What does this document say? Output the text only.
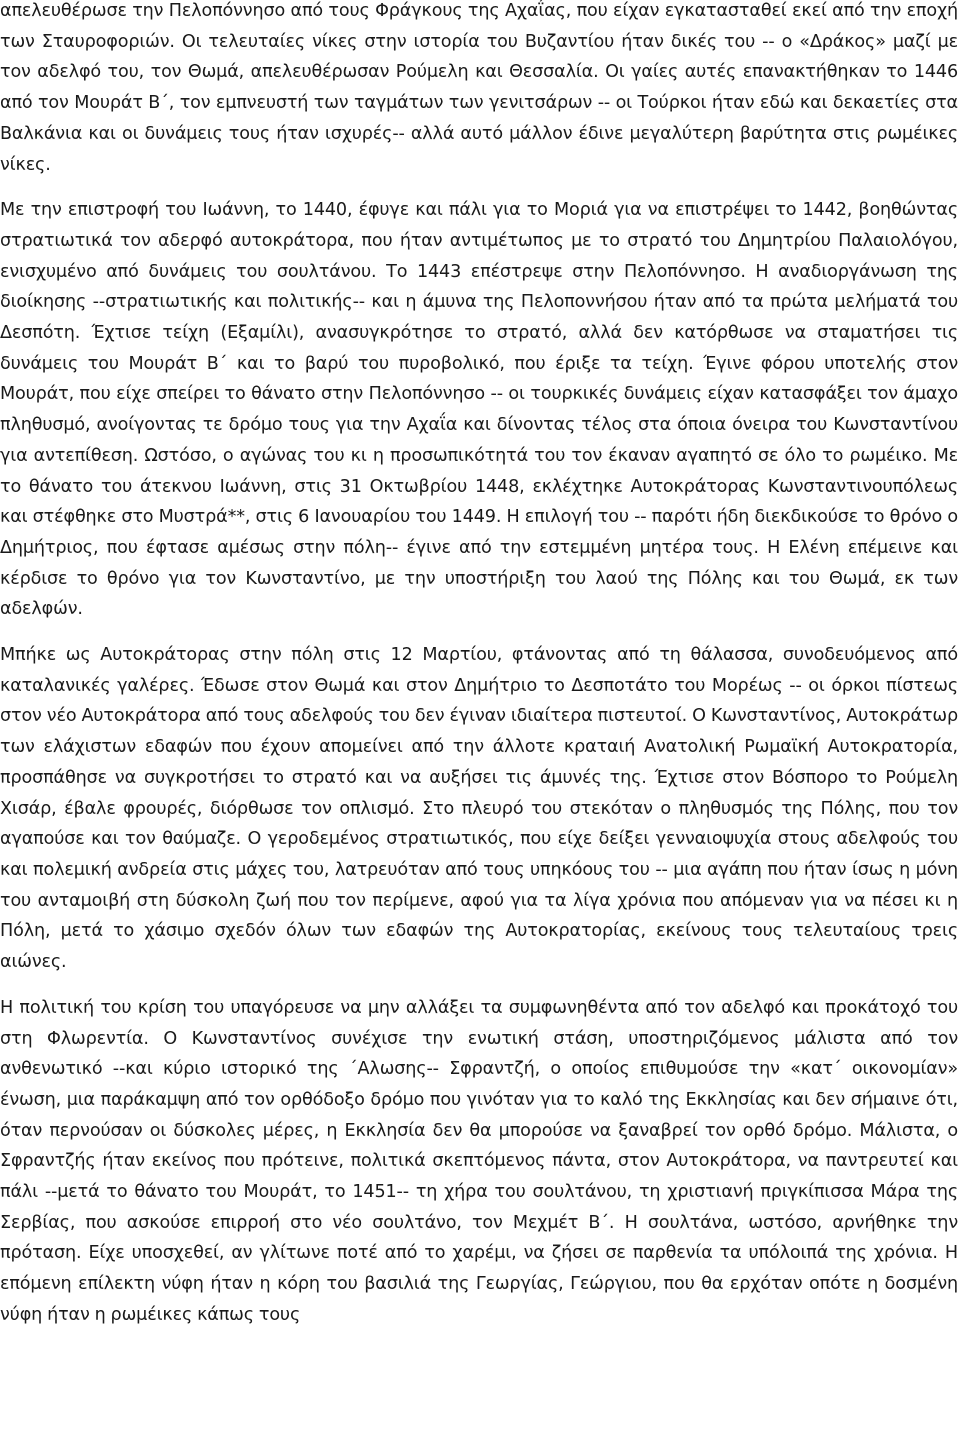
απελευθέρωσε την Πελοπόννησο από τους Φράγκους της Αχαΐας, που είχαν εγκατασταθεί εκεί από την εποχή των Σταυροφοριών. Οι τελευταίες νίκες στην ιστορία του Βυζαντίου ήταν δικές του -- ο «Δράκος» μαζί με τον αδελφό του, τον Θωμά, απελευθέρωσαν Ρούμελη και Θεσσαλία. Οι γαίες αυτές επανακτήθηκαν το 1446 από τον Μουράτ Β΄, τον εμπνευστή των ταγμάτων των γενιτσάρων -- οι Τούρκοι ήταν εδώ και δεκαετίες στα Βαλκάνια και οι δυνάμεις τους ήταν ισχυρές-- αλλά αυτό μάλλον έδινε μεγαλύτερη βαρύτητα στις ρωμέικες νίκες.

Με την επιστροφή του Ιωάννη, το 1440, έφυγε και πάλι για το Μοριά για να επιστρέψει το 1442, βοηθώντας στρατιωτικά τον αδερφό αυτοκράτορα, που ήταν αντιμέτωπος με το στρατό του Δημητρίου Παλαιολόγου, ενισχυμένο από δυνάμεις του σουλτάνου. Το 1443 επέστρεψε στην Πελοπόννησο. Η αναδιοργάνωση της διοίκησης --στρατιωτικής και πολιτικής-- και η άμυνα της Πελοποννήσου ήταν από τα πρώτα μελήματά του Δεσπότη. Έχτισε τείχη (Εξαμίλι), ανασυγκρότησε το στρατό, αλλά δεν κατόρθωσε να σταματήσει τις δυνάμεις του Μουράτ Β΄ και το βαρύ του πυροβολικό, που έριξε τα τείχη. Έγινε φόρου υποτελής στον Μουράτ, που είχε σπείρει το θάνατο στην Πελοπόννησο -- οι τουρκικές δυνάμεις είχαν κατασφάξει τον άμαχο πληθυσμό, ανοίγοντας τε δρόμο τους για την Αχαΐα και δίνοντας τέλος στα όποια όνειρα του Κωνσταντίνου για αντεπίθεση. Ωστόσο, ο αγώνας του κι η προσωπικότητά του τον έκαναν αγαπητό σε όλο το ρωμέικο. Με το θάνατο του άτεκνου Ιωάννη, στις 31 Οκτωβρίου 1448, εκλέχτηκε Αυτοκράτορας Κωνσταντινουπόλεως και στέφθηκε στο Μυστρά**, στις 6 Ιανουαρίου του 1449. Η επιλογή του -- παρότι ήδη διεκδικούσε το θρόνο ο Δημήτριος, που έφτασε αμέσως στην πόλη-- έγινε από την εστεμμένη μητέρα τους. Η Ελένη επέμεινε και κέρδισε το θρόνο για τον Κωνσταντίνο, με την υποστήριξη του λαού της Πόλης και του Θωμά, εκ των αδελφών.

Μπήκε ως Αυτοκράτορας στην πόλη στις 12 Μαρτίου, φτάνοντας από τη θάλασσα, συνοδευόμενος από καταλανικές γαλέρες. Έδωσε στον Θωμά και στον Δημήτριο το Δεσποτάτο του Μορέως -- οι όρκοι πίστεως στον νέο Αυτοκράτορα από τους αδελφούς του δεν έγιναν ιδιαίτερα πιστευτοί. Ο Κωνσταντίνος, Αυτοκράτωρ των ελάχιστων εδαφών που έχουν απομείνει από την άλλοτε κραταιή Ανατολική Ρωμαϊκή Αυτοκρατορία, προσπάθησε να συγκροτήσει το στρατό και να αυξήσει τις άμυνές της. Έχτισε στον Βόσπορο το Ρούμελη Χισάρ, έβαλε φρουρές, διόρθωσε τον οπλισμό. Στο πλευρό του στεκόταν ο πληθυσμός της Πόλης, που τον αγαπούσε και τον θαύμαζε. Ο γεροδεμένος στρατιωτικός, που είχε δείξει γενναιοψυχία στους αδελφούς του και πολεμική ανδρεία στις μάχες του, λατρευόταν από τους υπηκόους του -- μια αγάπη που ήταν ίσως η μόνη του ανταμοιβή στη δύσκολη ζωή που τον περίμενε, αφού για τα λίγα χρόνια που απόμεναν για να πέσει κι η Πόλη, μετά το χάσιμο σχεδόν όλων των εδαφών της Αυτοκρατορίας, εκείνους τους τελευταίους τρεις αιώνες.

Η πολιτική του κρίση του υπαγόρευσε να μην αλλάξει τα συμφωνηθέντα από τον αδελφό και προκάτοχό του στη Φλωρεντία. Ο Κωνσταντίνος συνέχισε την ενωτική στάση, υποστηριζόμενος μάλιστα από τον ανθενωτικό --και κύριο ιστορικό της ΄Αλωσης-- Σφραντζή, ο οποίος επιθυμούσε την «κατ΄ οικονομίαν» ένωση, μια παράκαμψη από τον ορθόδοξο δρόμο που γινόταν για το καλό της Εκκλησίας και δεν σήμαινε ότι, όταν περνούσαν οι δύσκολες μέρες, η Εκκλησία δεν θα μπορούσε να ξαναβρεί τον ορθό δρόμο. Μάλιστα, ο Σφραντζής ήταν εκείνος που πρότεινε, πολιτικά σκεπτόμενος πάντα, στον Αυτοκράτορα, να παντρευτεί και πάλι --μετά το θάνατο του Μουράτ, το 1451-- τη χήρα του σουλτάνου, τη χριστιανή πριγκίπισσα Μάρα της Σερβίας, που ασκούσε επιρροή στο νέο σουλτάνο, τον Μεχμέτ Β΄. Η σουλτάνα, ωστόσο, αρνήθηκε την πρόταση. Είχε υποσχεθεί, αν γλίτωνε ποτέ από το χαρέμι, να ζήσει σε παρθενία τα υπόλοιπά της χρόνια. Η επόμενη επίλεκτη νύφη ήταν η κόρη του βασιλιά της Γεωργίας, Γεώργιου, που θα ερχόταν οπότε η δοσμένη νύφη ήταν η ρωμέικες κάπως τους
